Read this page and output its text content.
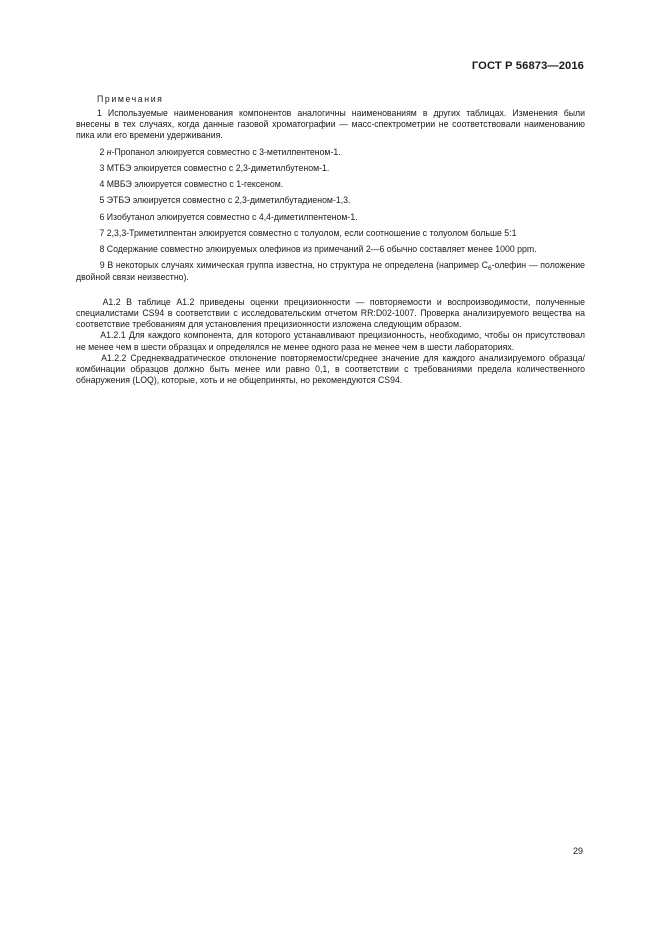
ГОСТ Р 56873—2016
Примечания
1 Используемые наименования компонентов аналогичны наименованиям в других таблицах. Изменения были внесены в тех случаях, когда данные газовой хроматографии — масс-спектрометрии не соответствовали наименованию пика или его времени удерживания.
2 н-Пропанол элюируется совместно с 3-метилпентеном-1.
3 МТБЭ элюируется совместно с 2,3-диметилбутеном-1.
4 МВБЭ элюируется совместно с 1-гексеном.
5 ЭТБЭ элюируется совместно с 2,3-диметилбутадиеном-1,3.
6 Изобутанол элюируется совместно с 4,4-диметилпентеном-1.
7 2,3,3-Триметилпентан элюируется совместно с толуолом, если соотношение с толуолом больше 5:1
8 Содержание совместно элюируемых олефинов из примечаний 2—6 обычно составляет менее 1000 ppm.
9 В некоторых случаях химическая группа известна, но структура не определена (например $С_6$-олефин — положение двойной связи неизвестно).

А1.2 В таблице А1.2 приведены оценки прецизионности — повторяемости и воспроизводимости, полученные специалистами CS94 в соответствии с исследовательским отчетом RR:D02-1007. Проверка анализируемого вещества на соответствие требованиям для установления прецизионности изложена следующим образом.

А1.2.1 Для каждого компонента, для которого устанавливают прецизионность, необходимо, чтобы он присутствовал не менее чем в шести образцах и определялся не менее одного раза не менее чем в шести лабораториях.

А1.2.2 Среднеквадратическое отклонение повторяемости/среднее значение для каждого анализируемого образца/комбинации образцов должно быть менее или равно 0,1, в соответствии с требованиями предела количественного обнаружения (LOQ), которые, хоть и не общеприняты, но рекомендуются CS94.

29
